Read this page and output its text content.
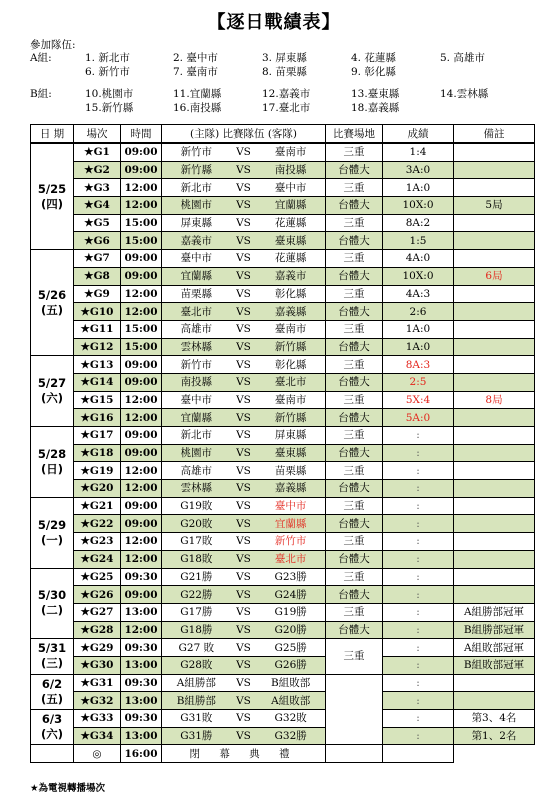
【逐日戰績表】
參加隊伍:
A組:	1. 新北市	2. 臺中市	3. 屏東縣	4. 花蓮縣	5. 高雄市
6. 新竹市	7. 臺南市	8. 苗栗縣	9. 彰化縣
B組:	10.桃園市	11.宜蘭縣	12.嘉義市	13.臺東縣	14.雲林縣
15.新竹縣	16.南投縣	17.臺北市	18.嘉義縣
日 期	場次	時間	(主隊) 比賽隊伍 (客隊)			比賽場地	成績	備註

5/25
(四)	★G1	09:00	新竹市	VS	臺南市	三重	1:4	
	★G2	09:00	新竹縣	VS	南投縣	台體大	3A:0	
	★G3	12:00	新北市	VS	臺中市	三重	1A:0	
	★G4	12:00	桃園市	VS	宜蘭縣	台體大	10X:0	5局
	★G5	15:00	屏東縣	VS	花蓮縣	三重	8A:2	
	★G6	15:00	嘉義市	VS	臺東縣	台體大	1:5	

5/26
(五)	★G7	09:00	臺中市	VS	花蓮縣	三重	4A:0	
	★G8	09:00	宜蘭縣	VS	嘉義市	台體大	10X:0	6局
	★G9	12:00	苗栗縣	VS	彰化縣	三重	4A:3	
	★G10	12:00	臺北市	VS	嘉義縣	台體大	2:6	
	★G11	15:00	高雄市	VS	臺南市	三重	1A:0	
	★G12	15:00	雲林縣	VS	新竹縣	台體大	1A:0	

5/27
(六)	★G13	09:00	新竹市	VS	彰化縣	三重	8A:3	
	★G14	09:00	南投縣	VS	臺北市	台體大	2:5	
	★G15	12:00	臺中市	VS	臺南市	三重	5X:4	8局
	★G16	12:00	宜蘭縣	VS	新竹縣	台體大	5A:0	

5/28
(日)	★G17	09:00	新北市	VS	屏東縣	三重	:	
	★G18	09:00	桃園市	VS	臺東縣	台體大	:	
	★G19	12:00	高雄市	VS	苗栗縣	三重	:	
	★G20	12:00	雲林縣	VS	嘉義縣	台體大	:	

5/29
(一)	★G21	09:00	G19敗	VS	臺中市	三重	:	
	★G22	09:00	G20敗	VS	宜蘭縣	台體大	:	
	★G23	12:00	G17敗	VS	新竹市	三重	:	
	★G24	12:00	G18敗	VS	臺北市	台體大	:	

5/30
(二)	★G25	09:30	G21勝	VS	G23勝	三重	:	
	★G26	09:00	G22勝	VS	G24勝	台體大	:	
	★G27	13:00	G17勝	VS	G19勝	三重	:	A組勝部冠軍
	★G28	12:00	G18勝	VS	G20勝	台體大	:	B組勝部冠軍

5/31
(三)	★G29	09:30	G27 敗	VS	G25勝	三重	:	A組敗部冠軍
	★G30	13:00	G28敗	VS	G26勝		:	B組敗部冠軍

6/2
(五)	★G31	09:30	A組勝部	VS	B組敗部		:	
	★G32	13:00	B組勝部	VS	A組敗部		:	

6/3
(六)	★G33	09:30	G31敗	VS	G32敗		:	第3、4名
	★G34	13:00	G31勝	VS	G32勝		:	第1、2名
	◎	16:00	閉 幕 典 禮					
★為電視轉播場次
